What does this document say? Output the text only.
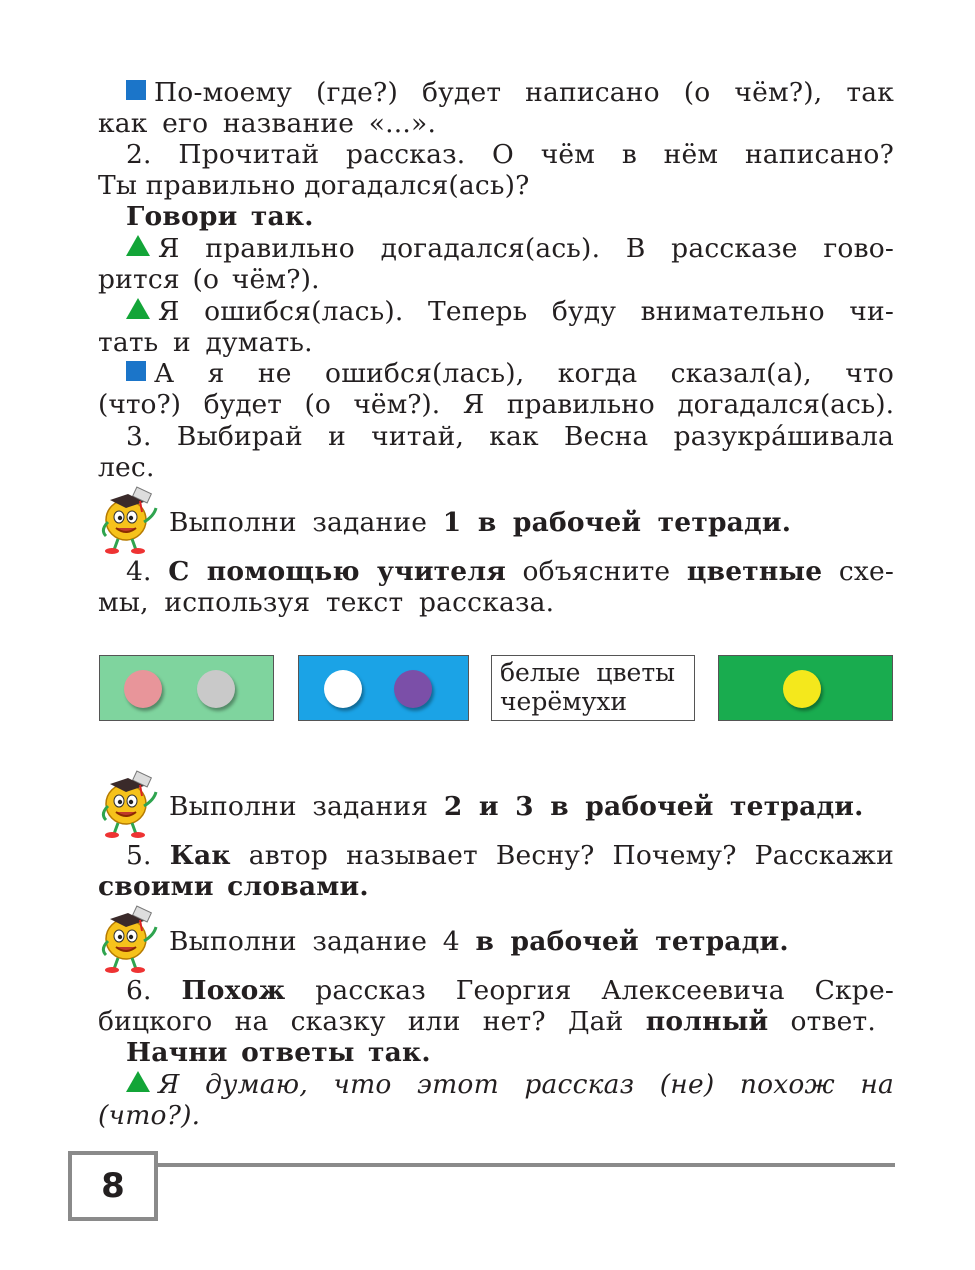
По-моему (где?) будет написано (о чём?), так
как его название «...».
2. Прочитай рассказ. О чём в нём написано?
Ты правильно догадался(ась)?
Говори так.
Я правильно догадался(ась). В рассказе гово-
рится (о чём?).
Я ошибся(лась). Теперь буду внимательно чи-
тать и думать.
А я не ошибся(лась), когда сказал(а), что
(что?) будет (о чём?). Я правильно догадался(ась).
3. Выбирай и читай, как Весна разукра́шивала
лес.
Выполни задание 1 в рабочей тетради.
4. С помощью учителя объясните цветные схе-
мы, используя текст рассказа.
белые цветы
черёмухи
Выполни задания 2 и 3 в рабочей тетради.
5. Как автор называет Весну? Почему? Расскажи
своими словами.
Выполни задание 4 в рабочей тетради.
6. Похож рассказ Георгия Алексеевича Скре-
бицкого на сказку или нет? Дай полный ответ.
Начни ответы так.
Я думаю, что этот рассказ (не) похож на
(что?).
8
